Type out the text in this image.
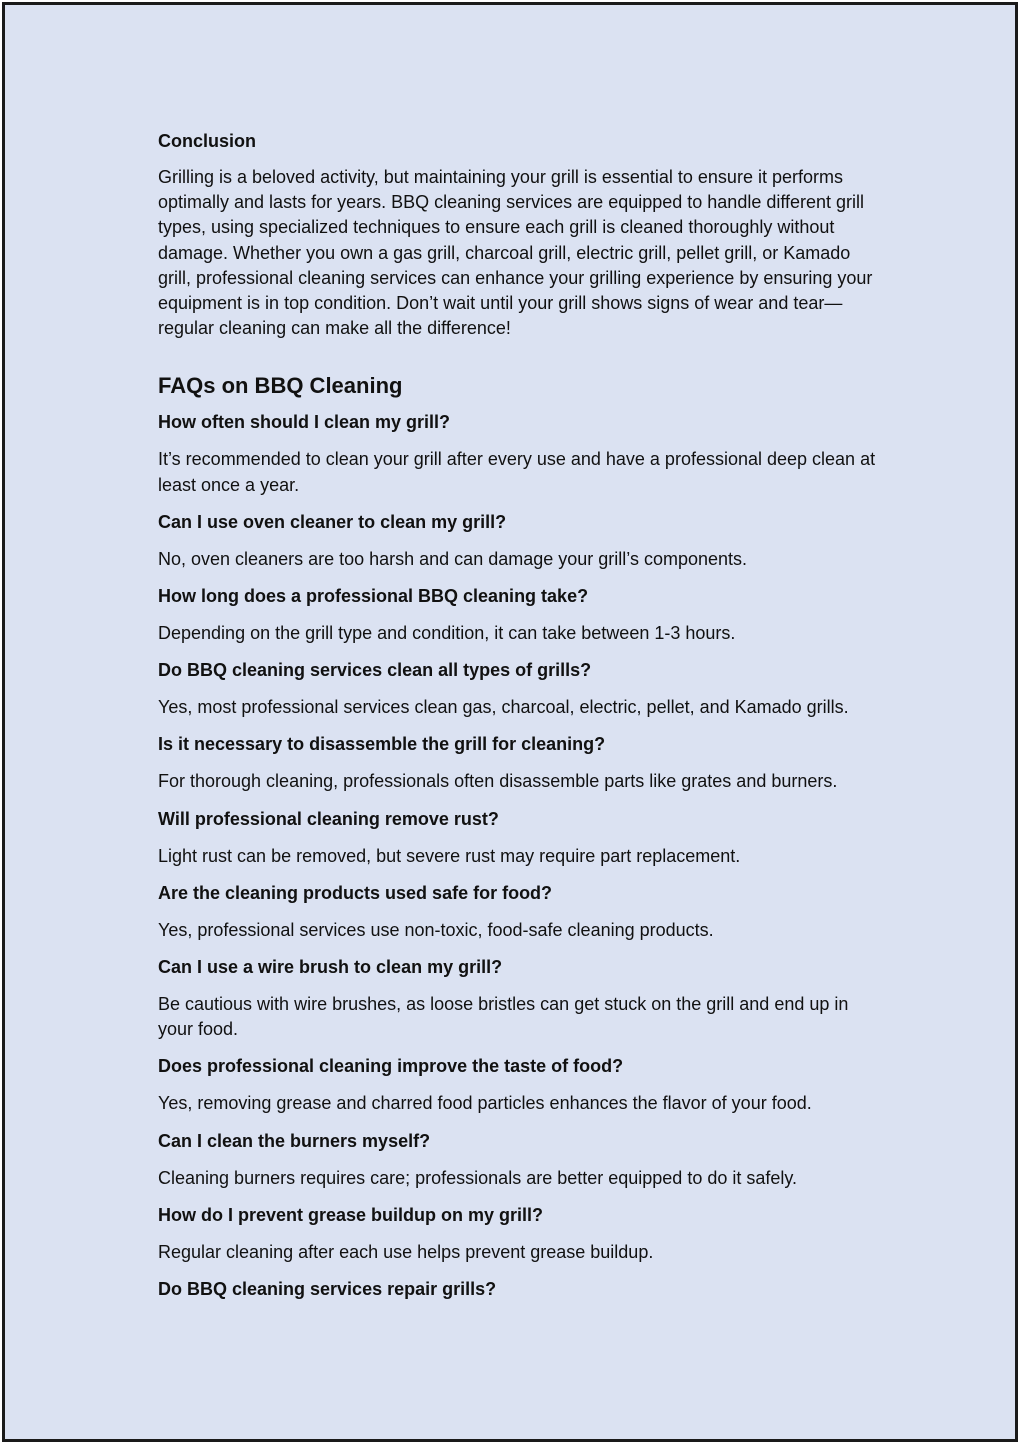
Conclusion

Grilling is a beloved activity, but maintaining your grill is essential to ensure it performs optimally and lasts for years. BBQ cleaning services are equipped to handle different grill types, using specialized techniques to ensure each grill is cleaned thoroughly without damage. Whether you own a gas grill, charcoal grill, electric grill, pellet grill, or Kamado grill, professional cleaning services can enhance your grilling experience by ensuring your equipment is in top condition. Don’t wait until your grill shows signs of wear and tear—regular cleaning can make all the difference!

FAQs on BBQ Cleaning
How often should I clean my grill?
It’s recommended to clean your grill after every use and have a professional deep clean at least once a year.
Can I use oven cleaner to clean my grill?
No, oven cleaners are too harsh and can damage your grill’s components.
How long does a professional BBQ cleaning take?
Depending on the grill type and condition, it can take between 1-3 hours.
Do BBQ cleaning services clean all types of grills?
Yes, most professional services clean gas, charcoal, electric, pellet, and Kamado grills.
Is it necessary to disassemble the grill for cleaning?
For thorough cleaning, professionals often disassemble parts like grates and burners.
Will professional cleaning remove rust?
Light rust can be removed, but severe rust may require part replacement.
Are the cleaning products used safe for food?
Yes, professional services use non-toxic, food-safe cleaning products.
Can I use a wire brush to clean my grill?
Be cautious with wire brushes, as loose bristles can get stuck on the grill and end up in your food.
Does professional cleaning improve the taste of food?
Yes, removing grease and charred food particles enhances the flavor of your food.
Can I clean the burners myself?
Cleaning burners requires care; professionals are better equipped to do it safely.
How do I prevent grease buildup on my grill?
Regular cleaning after each use helps prevent grease buildup.
Do BBQ cleaning services repair grills?
